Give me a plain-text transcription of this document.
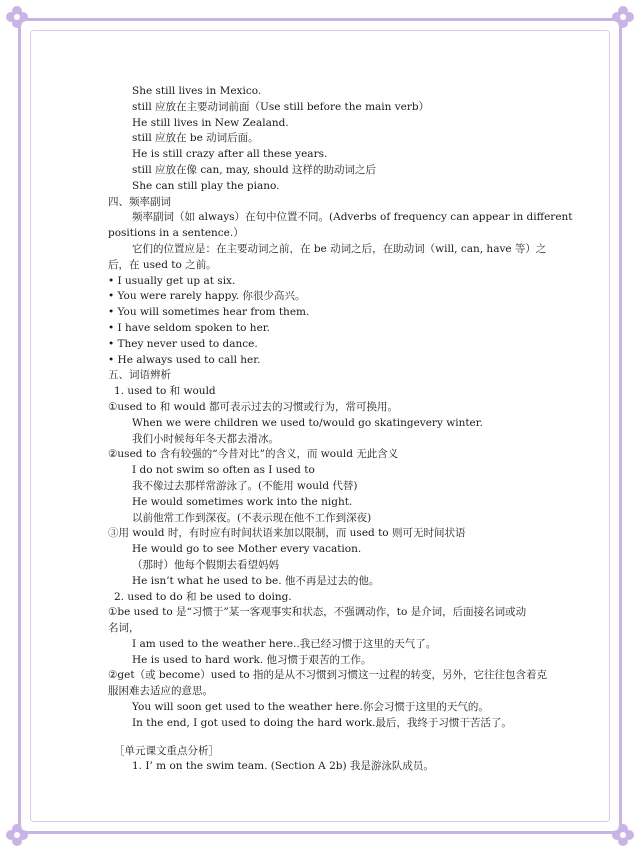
She still lives in Mexico.
still 应放在主要动词前面（Use still before the main verb）
He still lives in New Zealand.
still 应放在 be 动词后面。
He is still crazy after all these years.
still 应放在像 can, may, should 这样的助动词之后
She can still play the piano.
四、频率副词
频率副词（如 always）在句中位置不同。(Adverbs of frequency can appear in different
positions in a sentence.）
它们的位置应是：在主要动词之前，在 be 动词之后，在助动词（will, can, have 等）之
后，在 used to 之前。
• I usually get up at six.
• You were rarely happy. 你很少高兴。
• You will sometimes hear from them.
• I have seldom spoken to her.
• They never used to dance.
• He always used to call her.
五、词语辨析
1. used to 和 would
①used to 和 would 都可表示过去的习惯或行为，常可换用。
When we were children we used to/would go skatingevery winter.
我们小时候每年冬天都去滑冰。
②used to 含有较强的“今昔对比”的含义，而 would 无此含义
I do not swim so often as I used to
我不像过去那样常游泳了。(不能用 would 代替)
He would sometimes work into the night.
以前他常工作到深夜。(不表示现在他不工作到深夜)
③用 would 时，有时应有时间状语来加以限制，而 used to 则可无时间状语
He would go to see Mother every vacation.
（那时）他每个假期去看望妈妈
He isn’t what he used to be. 他不再是过去的他。
2. used to do 和 be used to doing.
①be used to 是“习惯于”某一客观事实和状态，不强调动作，to 是介词，后面接名词或动
名词，
I am used to the weather here..我已经习惯于这里的天气了。
He is used to hard work. 他习惯于艰苦的工作。
②get（或 become）used to 指的是从不习惯到习惯这一过程的转变，另外，它往往包含着克
服困难去适应的意思。
You will soon get used to the weather here.你会习惯于这里的天气的。
In the end, I got used to doing the hard work.最后，我终于习惯干苦活了。
［单元课文重点分析］
1. I’ m on the swim team. (Section A 2b) 我是游泳队成员。
